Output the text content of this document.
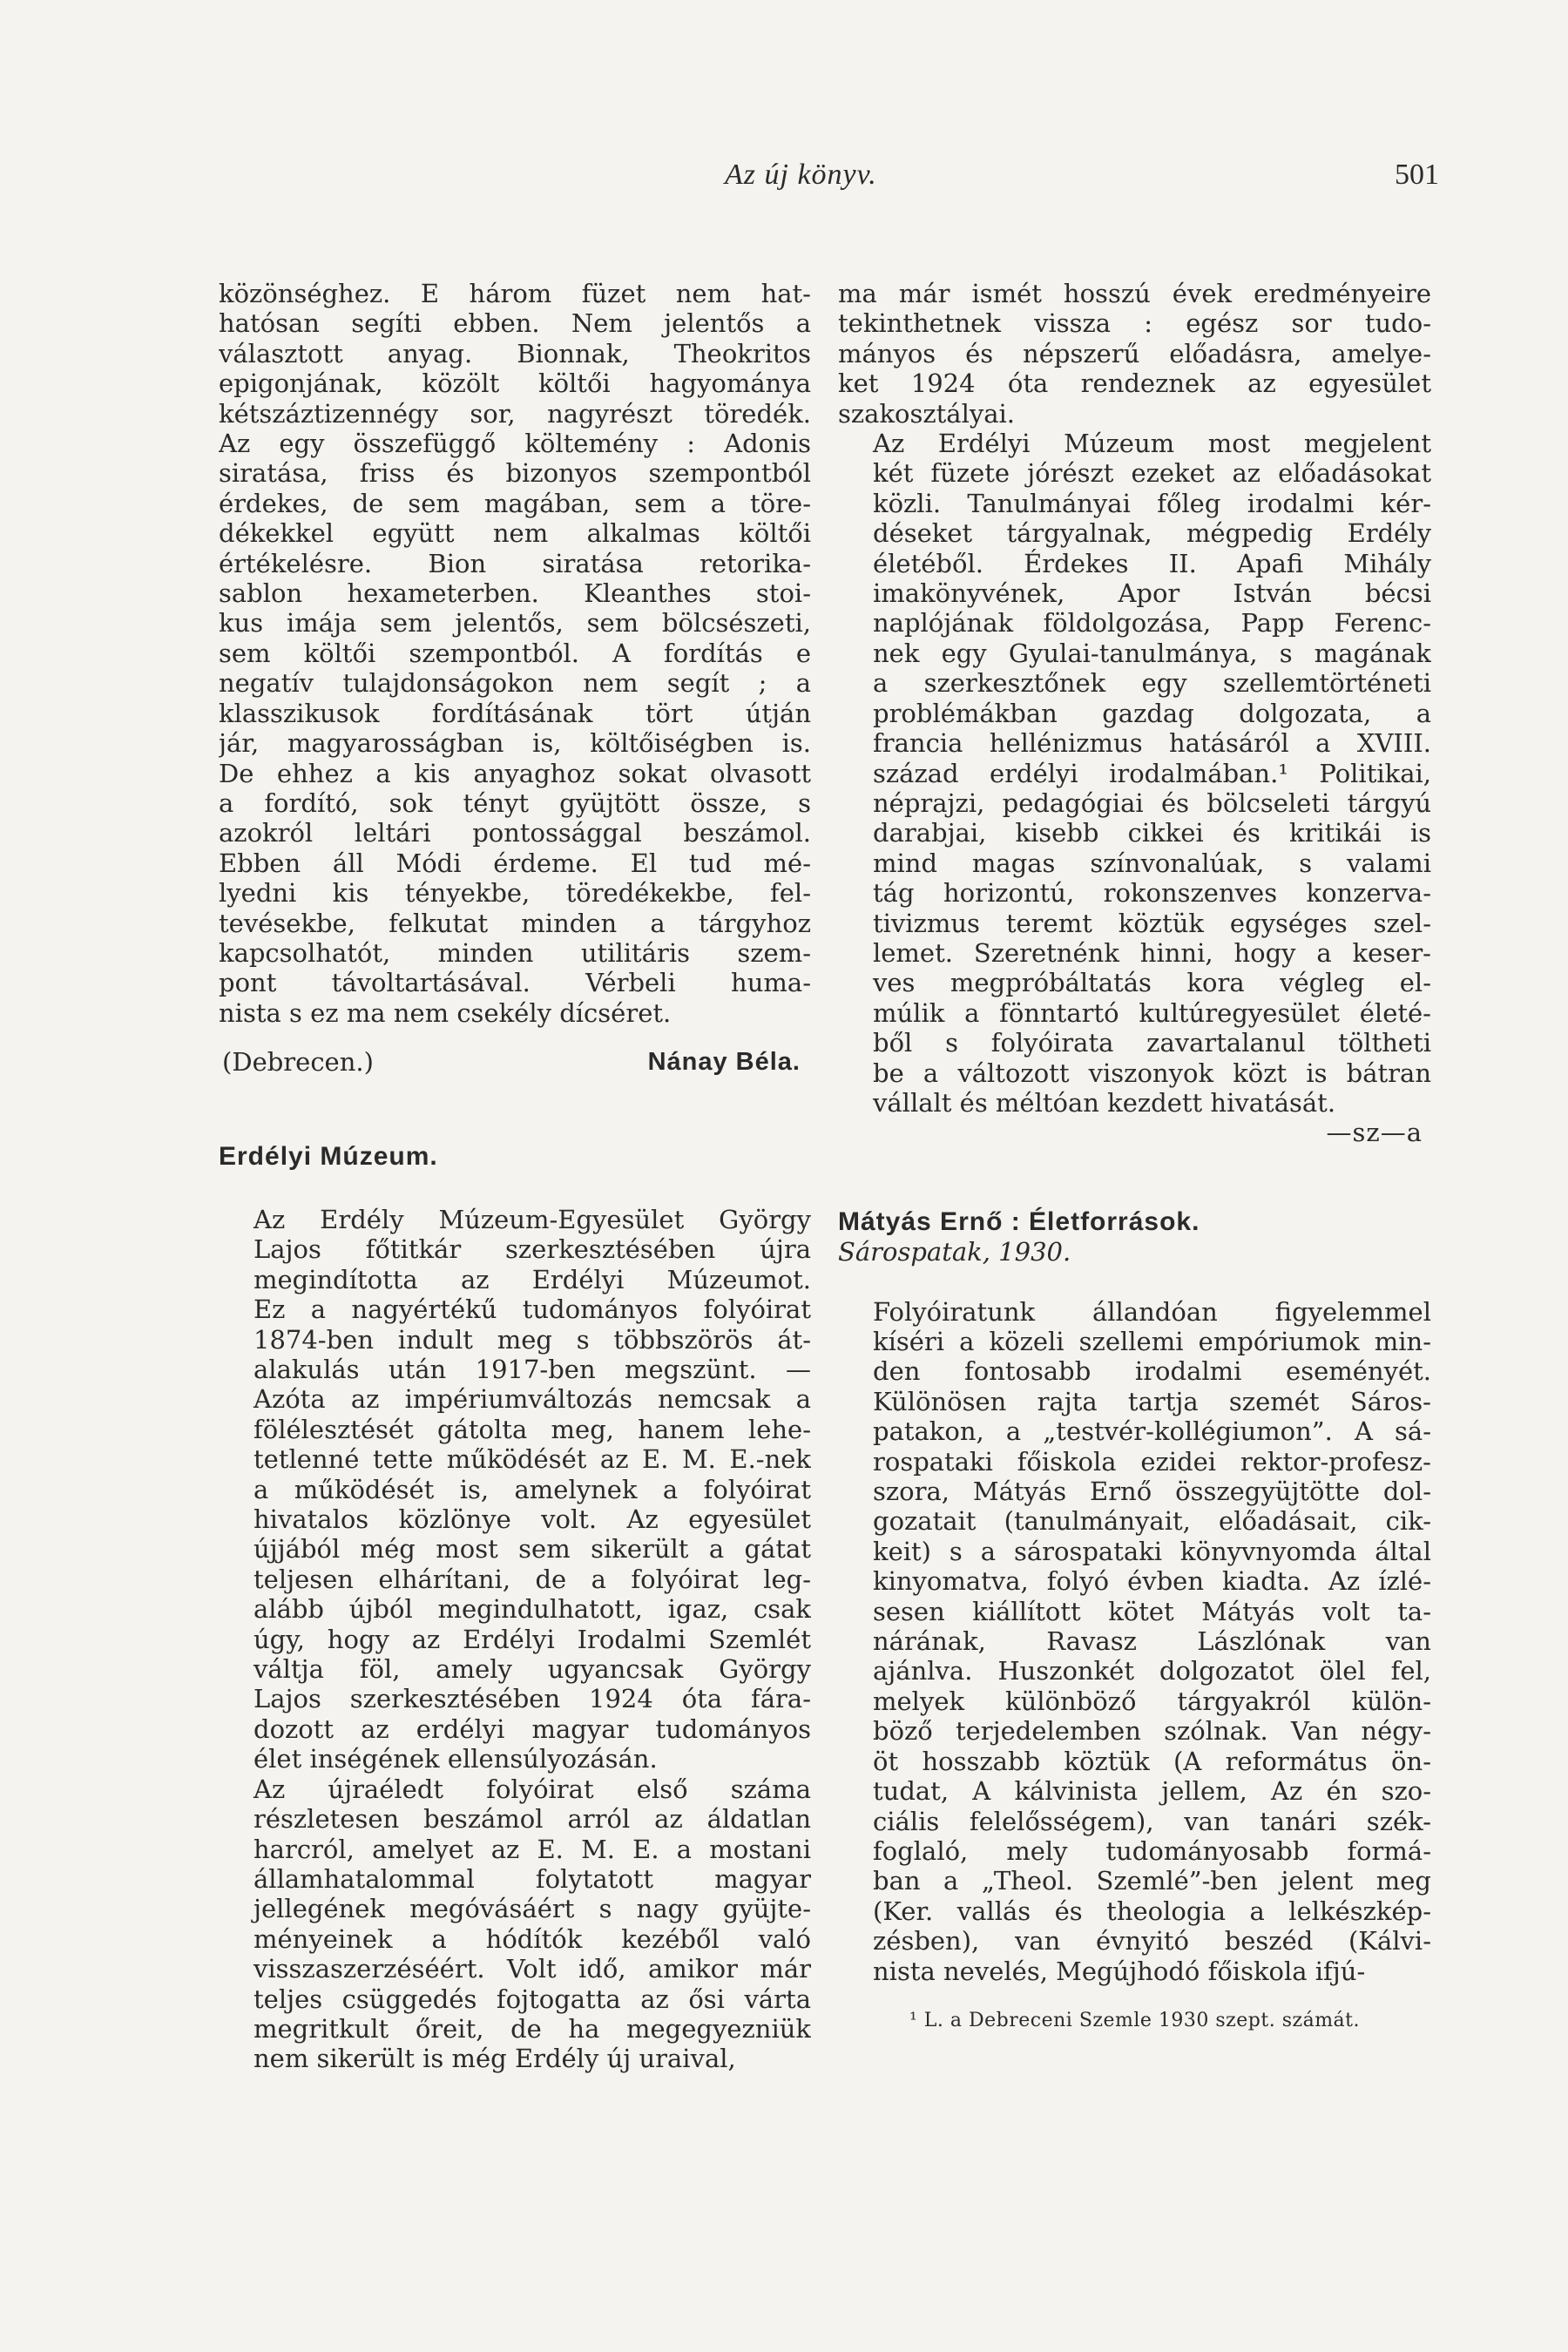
Az új könyv.	501

közönséghez. E három füzet nem hat-
hatósan segíti ebben. Nem jelentős a
választott anyag. Bionnak, Theokritos
epigonjának, közölt költői hagyománya
kétszáztizennégy sor, nagyrészt töredék.
Az egy összefüggő költemény : Adonis
siratása, friss és bizonyos szempontból
érdekes, de sem magában, sem a töre-
dékekkel együtt nem alkalmas költői
értékelésre. Bion siratása retorika-
sablon hexameterben. Kleanthes stoi-
kus imája sem jelentős, sem bölcsészeti,
sem költői szempontból. A fordítás e
negatív tulajdonságokon nem segít ; a
klasszikusok fordításának tört útján
jár, magyarosságban is, költőiségben is.
De ehhez a kis anyaghoz sokat olvasott
a fordító, sok tényt gyüjtött össze, s
azokról leltári pontossággal beszámol.
Ebben áll Módi érdeme. El tud mé-
lyedni kis tényekbe, töredékekbe, fel-
tevésekbe, felkutat minden a tárgyhoz
kapcsolhatót, minden utilitáris szem-
pont távoltartásával. Vérbeli huma-
nista s ez ma nem csekély dícséret.

(Debrecen.)	Nánay Béla.

Erdélyi Múzeum.

Az Erdély Múzeum-Egyesület György
Lajos főtitkár szerkesztésében újra
megindította az Erdélyi Múzeumot.
Ez a nagyértékű tudományos folyóirat
1874-ben indult meg s többszörös át-
alakulás után 1917-ben megszünt. —
Azóta az impériumváltozás nemcsak a
fölélesztését gátolta meg, hanem lehe-
tetlenné tette működését az E. M. E.-nek
a működését is, amelynek a folyóirat
hivatalos közlönye volt. Az egyesület
újjából még most sem sikerült a gátat
teljesen elhárítani, de a folyóirat leg-
alább újból megindulhatott, igaz, csak
úgy, hogy az Erdélyi Irodalmi Szemlét
váltja föl, amely ugyancsak György
Lajos szerkesztésében 1924 óta fára-
dozott az erdélyi magyar tudományos
élet inségének ellensúlyozásán.

Az újraéledt folyóirat első száma
részletesen beszámol arról az áldatlan
harcról, amelyet az E. M. E. a mostani
államhatalommal folytatott magyar
jellegének megóvásáért s nagy gyüjte-
ményeinek a hódítók kezéből való
visszaszerzéséért. Volt idő, amikor már
teljes csüggedés fojtogatta az ősi várta
megritkult őreit, de ha megegyezniük
nem sikerült is még Erdély új uraival,

ma már ismét hosszú évek eredményeire
tekinthetnek vissza : egész sor tudo-
mányos és népszerű előadásra, amelye-
ket 1924 óta rendeznek az egyesület
szakosztályai.

Az Erdélyi Múzeum most megjelent
két füzete jórészt ezeket az előadásokat
közli. Tanulmányai főleg irodalmi kér-
déseket tárgyalnak, mégpedig Erdély
életéből. Érdekes II. Apafi Mihály
imakönyvének, Apor István bécsi
naplójának földolgozása, Papp Ferenc-
nek egy Gyulai-tanulmánya, s magának
a szerkesztőnek egy szellemtörténeti
problémákban gazdag dolgozata, a
francia hellénizmus hatásáról a XVIII.
század erdélyi irodalmában.¹ Politikai,
néprajzi, pedagógiai és bölcseleti tárgyú
darabjai, kisebb cikkei és kritikái is
mind magas színvonalúak, s valami
tág horizontú, rokonszenves konzerva-
tivizmus teremt köztük egységes szel-
lemet. Szeretnénk hinni, hogy a keser-
ves megpróbáltatás kora végleg el-
múlik a fönntartó kultúregyesület életé-
ből s folyóirata zavartalanul töltheti
be a változott viszonyok közt is bátran
vállalt és méltóan kezdett hivatását.

—sz—a

Mátyás Ernő : Életforrások.

Sárospatak, 1930.

Folyóiratunk állandóan figyelemmel
kíséri a közeli szellemi empóriumok min-
den fontosabb irodalmi eseményét.
Különösen rajta tartja szemét Sáros-
patakon, a „testvér-kollégiumon”. A sá-
rospataki főiskola ezidei rektor-profesz-
szora, Mátyás Ernő összegyüjtötte dol-
gozatait (tanulmányait, előadásait, cik-
keit) s a sárospataki könyvnyomda által
kinyomatva, folyó évben kiadta. Az ízlé-
sesen kiállított kötet Mátyás volt ta-
nárának, Ravasz Lászlónak van
ajánlva. Huszonkét dolgozatot ölel fel,
melyek különböző tárgyakról külön-
böző terjedelemben szólnak. Van négy-
öt hosszabb köztük (A református ön-
tudat, A kálvinista jellem, Az én szo-
ciális felelősségem), van tanári szék-
foglaló, mely tudományosabb formá-
ban a „Theol. Szemlé”-ben jelent meg
(Ker. vallás és theologia a lelkészkép-
zésben), van évnyitó beszéd (Kálvi-
nista nevelés, Megújhodó főiskola ifjú-

¹ L. a Debreceni Szemle 1930 szept. számát.
